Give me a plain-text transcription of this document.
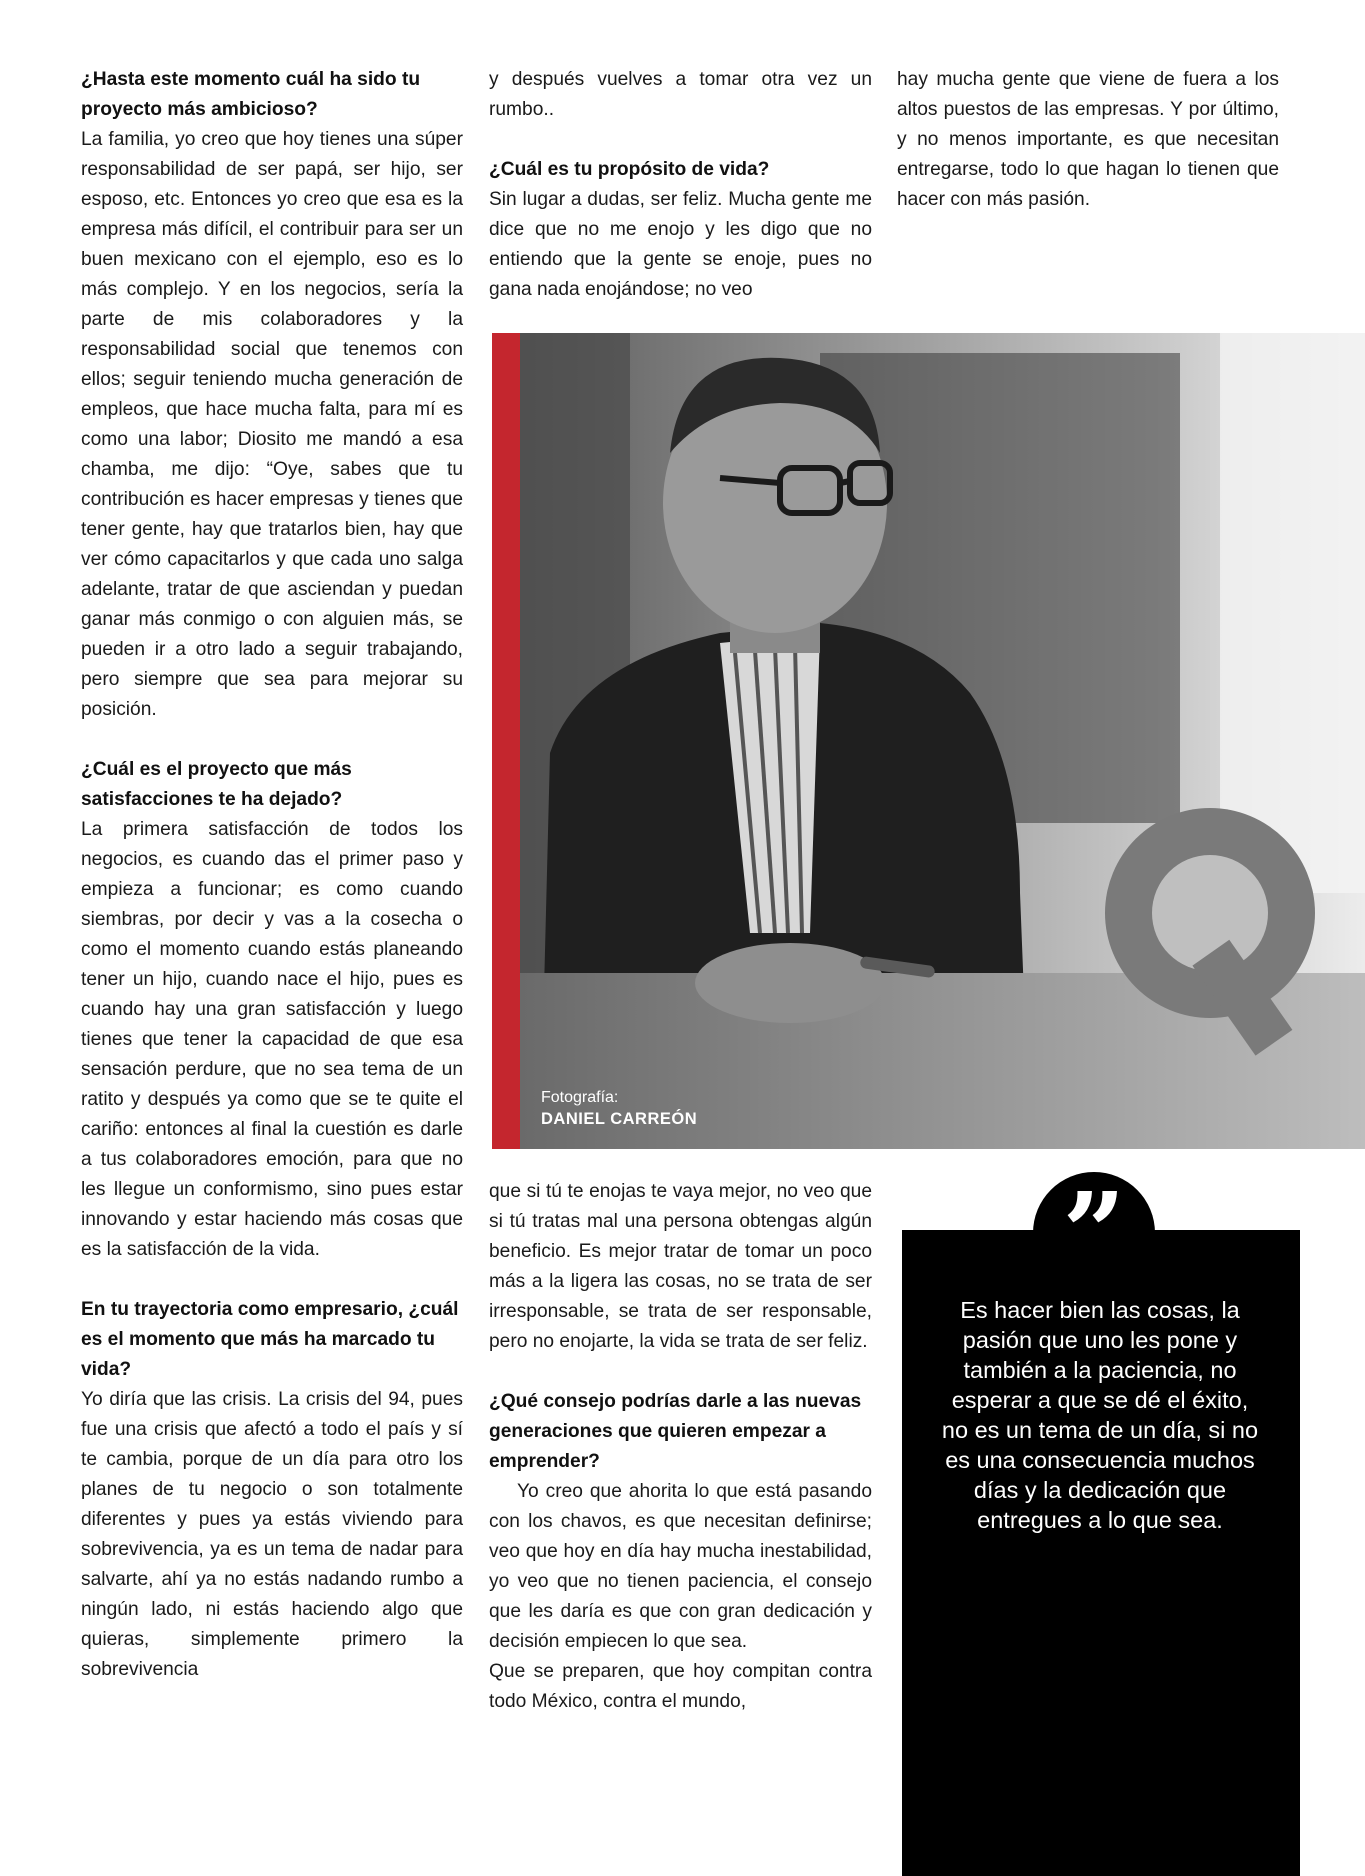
¿Hasta este momento cuál ha sido tu proyecto más ambicioso?

La familia, yo creo que hoy tienes una súper responsabilidad de ser papá, ser hijo, ser esposo, etc. Entonces yo creo que esa es la empresa más difícil, el contribuir para ser un buen mexicano con el ejemplo, eso es lo más complejo. Y en los negocios, sería la parte de mis colaboradores y la responsabilidad social que tenemos con ellos; seguir teniendo mucha generación de empleos, que hace mucha falta, para mí es como una labor; Diosito me mandó a esa chamba, me dijo: “Oye, sabes que tu contribución es hacer empresas y tienes que tener gente, hay que tratarlos bien, hay que ver cómo capacitarlos y que cada uno salga adelante, tratar de que asciendan y puedan ganar más conmigo o con alguien más, se pueden ir a otro lado a seguir trabajando, pero siempre que sea para mejorar su posición.

¿Cuál es el proyecto que más satisfacciones te ha dejado?

La primera satisfacción de todos los negocios, es cuando das el primer paso y empieza a funcionar; es como cuando siembras, por decir y vas a la cosecha o como el momento cuando estás planeando tener un hijo, cuando nace el hijo, pues es cuando hay una gran satisfacción y luego tienes que tener la capacidad de que esa sensación perdure, que no sea tema de un ratito y después ya como que se te quite el cariño: entonces al final la cuestión es darle a tus colaboradores emoción, para que no les llegue un conformismo, sino pues estar innovando y estar haciendo más cosas que es la satisfacción de la vida.

En tu trayectoria como empresario, ¿cuál es el momento que más ha marcado tu vida?

Yo diría que las crisis. La crisis del 94, pues fue una crisis que afectó a todo el país y sí te cambia, porque de un día para otro los planes de tu negocio o son totalmente diferentes y pues ya estás viviendo para sobrevivencia, ya es un tema de nadar para salvarte, ahí ya no estás nadando rumbo a ningún lado, ni estás haciendo algo que quieras, simplemente primero la sobrevivencia

y después vuelves a tomar otra vez un rumbo..

¿Cuál es tu propósito de vida?

Sin lugar a dudas, ser feliz. Mucha gente me dice que no me enojo y les digo que no entiendo que la gente se enoje, pues no gana nada enojándose; no veo

hay mucha gente que viene de fuera a los altos puestos de las empresas. Y por último, y no menos importante, es que necesitan entregarse, todo lo que hagan lo tienen que hacer con más pasión.

Fotografía:
DANIEL CARREÓN

que si tú te enojas te vaya mejor, no veo que si tú tratas mal una persona obtengas algún beneficio. Es mejor tratar de tomar un poco más a la ligera las cosas, no se trata de ser irresponsable, se trata de ser responsable, pero no enojarte, la vida se trata de ser feliz.

¿Qué consejo podrías darle a las nuevas generaciones que quieren empezar a emprender?

Yo creo que ahorita lo que está pasando con los chavos, es que necesitan definirse; veo que hoy en día hay mucha inestabilidad, yo veo que no tienen paciencia, el consejo que les daría es que con gran dedicación y decisión empiecen lo que sea.

Que se preparen, que hoy compitan contra todo México, contra el mundo,

”
Es hacer bien las cosas, la pasión que uno les pone y también a la paciencia, no esperar a que se dé el éxito, no es un tema de un día, si no es una consecuencia muchos días y la dedicación que entregues a lo que sea.
